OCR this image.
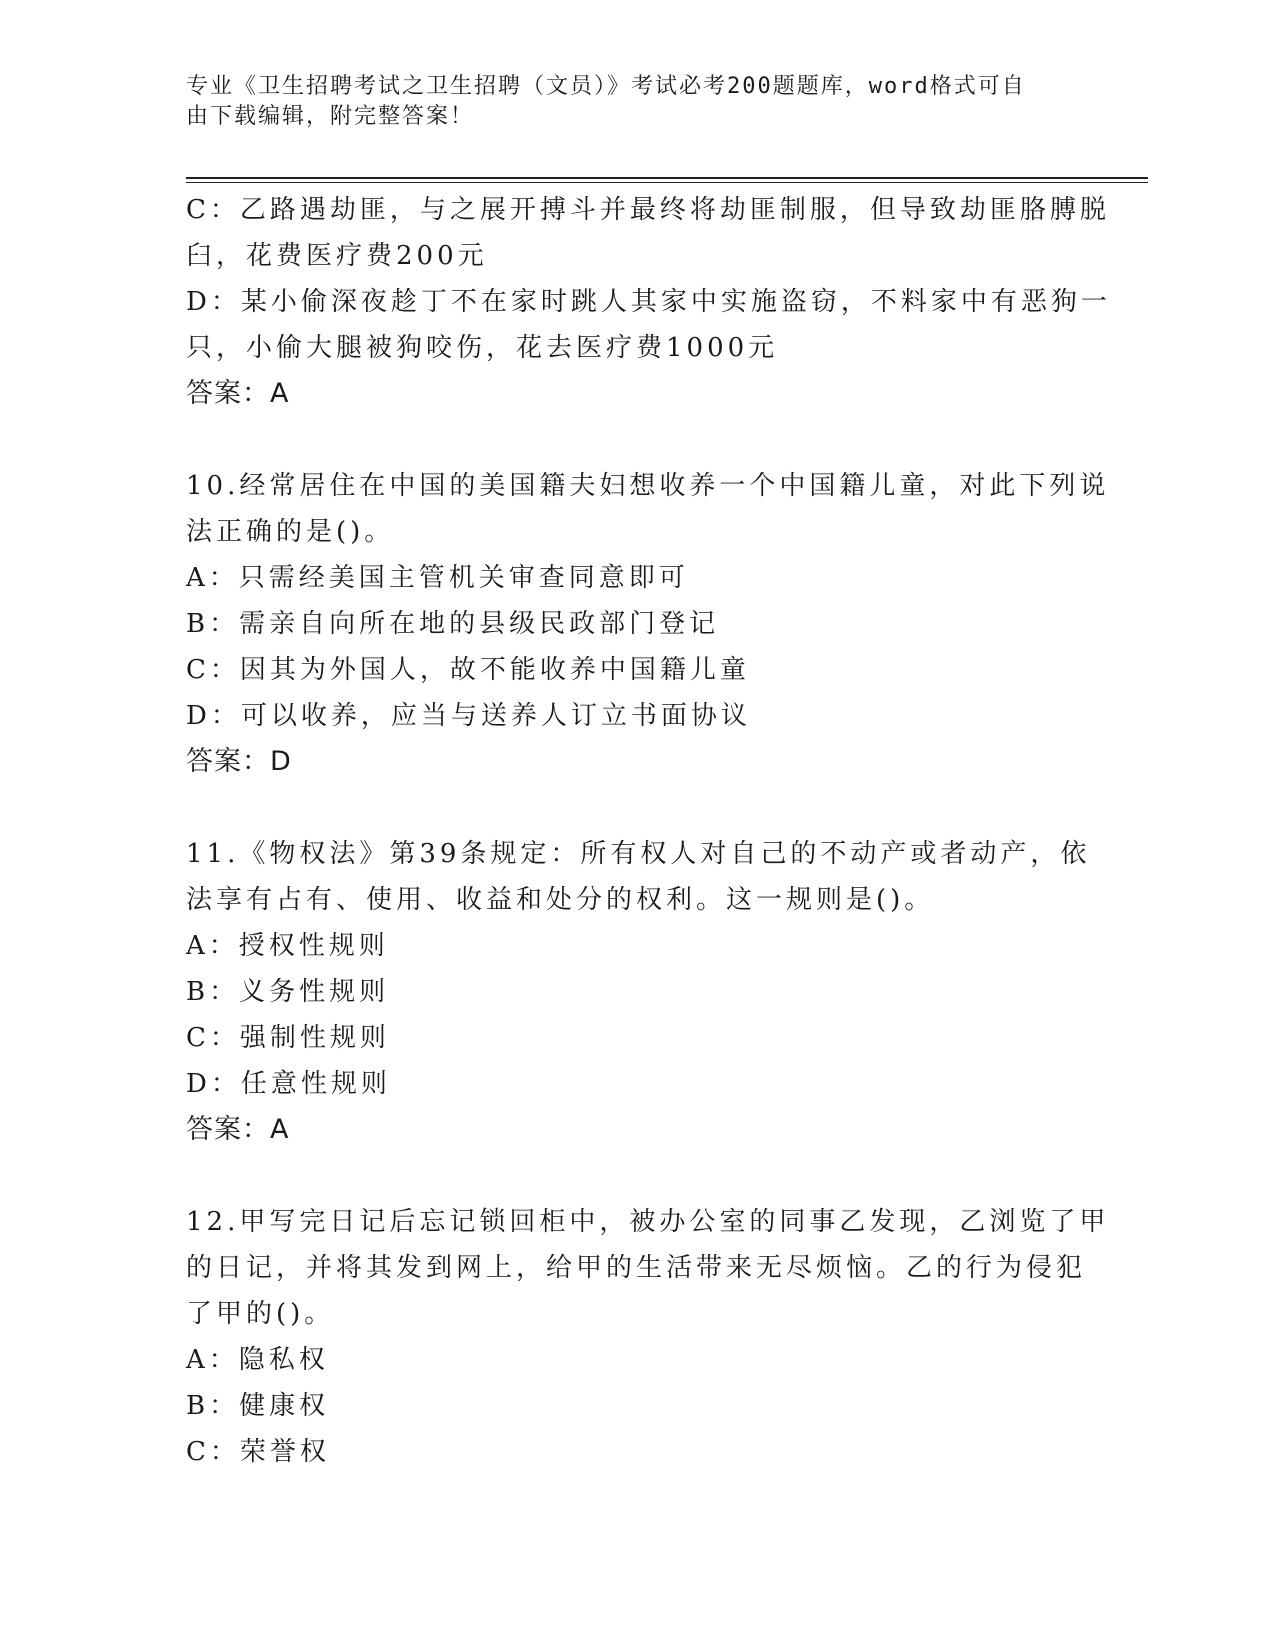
专业《卫生招聘考试之卫生招聘（文员）》考试必考200题题库，word格式可自
由下载编辑，附完整答案！
C：乙路遇劫匪，与之展开搏斗并最终将劫匪制服，但导致劫匪胳膊脱
臼，花费医疗费200元
D：某小偷深夜趁丁不在家时跳人其家中实施盗窃，不料家中有恶狗一
只，小偷大腿被狗咬伤，花去医疗费1000元
答案：A
10.经常居住在中国的美国籍夫妇想收养一个中国籍儿童，对此下列说
法正确的是()。
A：只需经美国主管机关审查同意即可
B：需亲自向所在地的县级民政部门登记
C：因其为外国人，故不能收养中国籍儿童
D：可以收养，应当与送养人订立书面协议
答案：D
11.《物权法》第39条规定：所有权人对自己的不动产或者动产，依
法享有占有、使用、收益和处分的权利。这一规则是()。
A：授权性规则
B：义务性规则
C：强制性规则
D：任意性规则
答案：A
12.甲写完日记后忘记锁回柜中，被办公室的同事乙发现，乙浏览了甲
的日记，并将其发到网上，给甲的生活带来无尽烦恼。乙的行为侵犯
了甲的()。
A：隐私权
B：健康权
C：荣誉权
